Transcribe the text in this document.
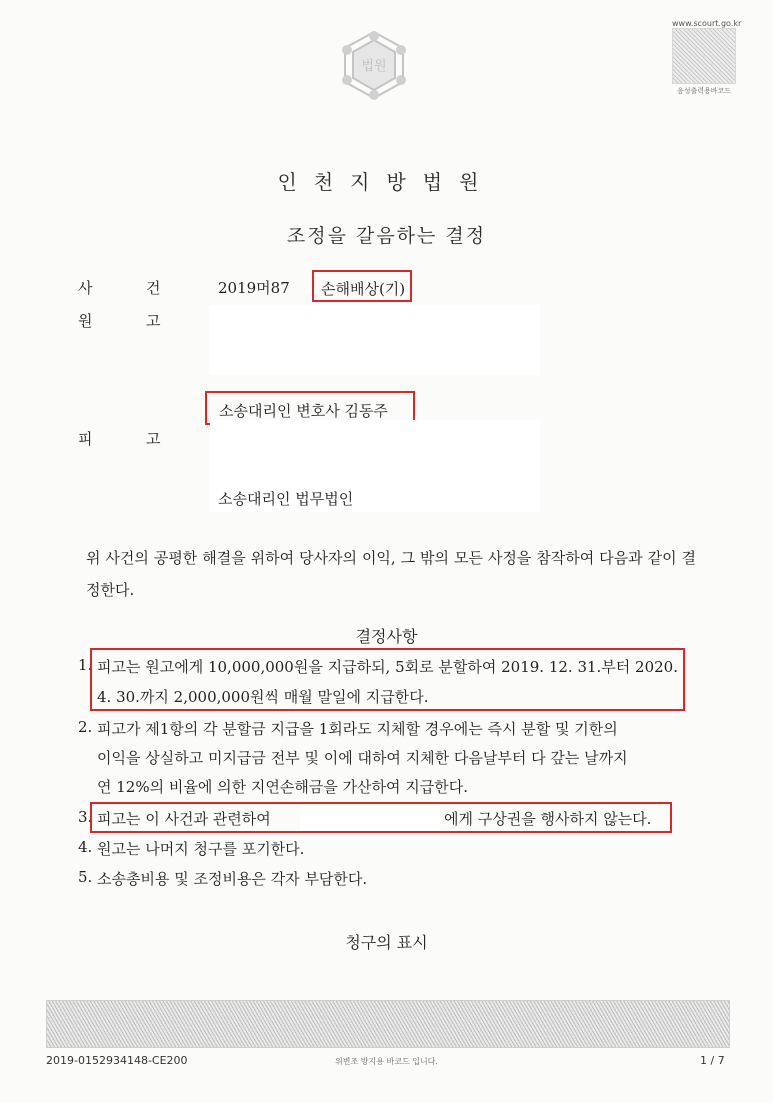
법원
www.scourt.go.kr
음성출력용바코드
인천지방법원
조정을 갈음하는 결정
사	건	2019머87 손해배상(기)
원	고
소송대리인 변호사 김동주
피	고
소송대리인 법무법인
위 사건의 공평한 해결을 위하여 당사자의 이익, 그 밖의 모든 사정을 참작하여 다음과 같이 결정한다.
결정사항
1. 피고는 원고에게 10,000,000원을 지급하되, 5회로 분할하여 2019. 12. 31.부터 2020.
4. 30.까지 2,000,000원씩 매월 말일에 지급한다.
2. 피고가 제1항의 각 분할금 지급을 1회라도 지체할 경우에는 즉시 분할 및 기한의
이익을 상실하고 미지급금 전부 및 이에 대하여 지체한 다음날부터 다 갚는 날까지
연 12%의 비율에 의한 지연손해금을 가산하여 지급한다.
3. 피고는 이 사건과 관련하여	에게 구상권을 행사하지 않는다.
4. 원고는 나머지 청구를 포기한다.
5. 소송총비용 및 조정비용은 각자 부담한다.
청구의 표시
2019-0152934148-CE200	위변조 방지용 바코드 입니다.	1 / 7
